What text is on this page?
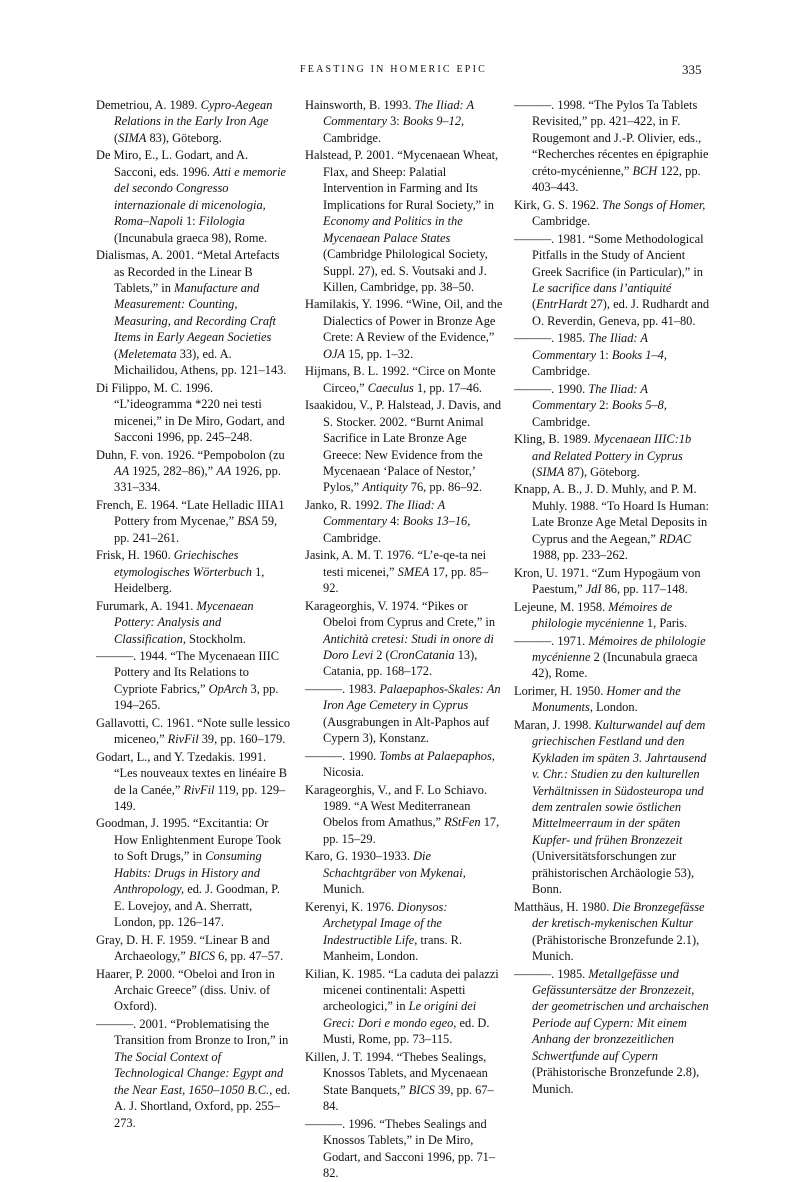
FEASTING IN HOMERIC EPIC	335
Demetriou, A. 1989. Cypro-Aegean Relations in the Early Iron Age (SIMA 83), Göteborg.
De Miro, E., L. Godart, and A. Sacconi, eds. 1996. Atti e memorie del secondo Congresso internazionale di micenologia, Roma–Napoli 1: Filologia (Incunabula graeca 98), Rome.
Dialismas, A. 2001. “Metal Artefacts as Recorded in the Linear B Tablets,” in Manufacture and Measurement: Counting, Measuring, and Recording Craft Items in Early Aegean Societies (Meletemata 33), ed. A. Michailidou, Athens, pp. 121–143.
Di Filippo, M. C. 1996. “L’ideogramma *220 nei testi micenei,” in De Miro, Godart, and Sacconi 1996, pp. 245–248.
Duhn, F. von. 1926. “Pempobolon (zu AA 1925, 282–86),” AA 1926, pp. 331–334.
French, E. 1964. “Late Helladic IIIA1 Pottery from Mycenae,” BSA 59, pp. 241–261.
Frisk, H. 1960. Griechisches etymologisches Wörterbuch 1, Heidelberg.
Furumark, A. 1941. Mycenaean Pottery: Analysis and Classification, Stockholm.
———. 1944. “The Mycenaean IIIC Pottery and Its Relations to Cypriote Fabrics,” OpArch 3, pp. 194–265.
Gallavotti, C. 1961. “Note sulle lessico miceneo,” RivFil 39, pp. 160–179.
Godart, L., and Y. Tzedakis. 1991. “Les nouveaux textes en linéaire B de la Canée,” RivFil 119, pp. 129–149.
Goodman, J. 1995. “Excitantia: Or How Enlightenment Europe Took to Soft Drugs,” in Consuming Habits: Drugs in History and Anthropology, ed. J. Goodman, P. E. Lovejoy, and A. Sherratt, London, pp. 126–147.
Gray, D. H. F. 1959. “Linear B and Archaeology,” BICS 6, pp. 47–57.
Haarer, P. 2000. “Obeloi and Iron in Archaic Greece” (diss. Univ. of Oxford).
———. 2001. “Problematising the Transition from Bronze to Iron,” in The Social Context of Technological Change: Egypt and the Near East, 1650–1050 B.C., ed. A. J. Shortland, Oxford, pp. 255–273.
Hainsworth, B. 1993. The Iliad: A Commentary 3: Books 9–12, Cambridge.
Halstead, P. 2001. “Mycenaean Wheat, Flax, and Sheep: Palatial Intervention in Farming and Its Implications for Rural Society,” in Economy and Politics in the Mycenaean Palace States (Cambridge Philological Society, Suppl. 27), ed. S. Voutsaki and J. Killen, Cambridge, pp. 38–50.
Hamilakis, Y. 1996. “Wine, Oil, and the Dialectics of Power in Bronze Age Crete: A Review of the Evidence,” OJA 15, pp. 1–32.
Hijmans, B. L. 1992. “Circe on Monte Circeo,” Caeculus 1, pp. 17–46.
Isaakidou, V., P. Halstead, J. Davis, and S. Stocker. 2002. “Burnt Animal Sacrifice in Late Bronze Age Greece: New Evidence from the Mycenaean ‘Palace of Nestor,’ Pylos,” Antiquity 76, pp. 86–92.
Janko, R. 1992. The Iliad: A Commentary 4: Books 13–16, Cambridge.
Jasink, A. M. T. 1976. “L’e-qe-ta nei testi micenei,” SMEA 17, pp. 85–92.
Karageorghis, V. 1974. “Pikes or Obeloi from Cyprus and Crete,” in Antichità cretesi: Studi in onore di Doro Levi 2 (CronCatania 13), Catania, pp. 168–172.
———. 1983. Palaepaphos-Skales: An Iron Age Cemetery in Cyprus (Ausgrabungen in Alt-Paphos auf Cypern 3), Konstanz.
———. 1990. Tombs at Palaepaphos, Nicosia.
Karageorghis, V., and F. Lo Schiavo. 1989. “A West Mediterranean Obelos from Amathus,” RStFen 17, pp. 15–29.
Karo, G. 1930–1933. Die Schachtgräber von Mykenai, Munich.
Kerenyi, K. 1976. Dionysos: Archetypal Image of the Indestructible Life, trans. R. Manheim, London.
Kilian, K. 1985. “La caduta dei palazzi micenei continentali: Aspetti archeologici,” in Le origini dei Greci: Dori e mondo egeo, ed. D. Musti, Rome, pp. 73–115.
Killen, J. T. 1994. “Thebes Sealings, Knossos Tablets, and Mycenaean State Banquets,” BICS 39, pp. 67–84.
———. 1996. “Thebes Sealings and Knossos Tablets,” in De Miro, Godart, and Sacconi 1996, pp. 71–82.
———. 1998. “The Pylos Ta Tablets Revisited,” pp. 421–422, in F. Rougemont and J.-P. Olivier, eds., “Recherches récentes en épigraphie créto-mycénienne,” BCH 122, pp. 403–443.
Kirk, G. S. 1962. The Songs of Homer, Cambridge.
———. 1981. “Some Methodological Pitfalls in the Study of Ancient Greek Sacrifice (in Particular),” in Le sacrifice dans l’antiquité (EntrHardt 27), ed. J. Rudhardt and O. Reverdin, Geneva, pp. 41–80.
———. 1985. The Iliad: A Commentary 1: Books 1–4, Cambridge.
———. 1990. The Iliad: A Commentary 2: Books 5–8, Cambridge.
Kling, B. 1989. Mycenaean IIIC:1b and Related Pottery in Cyprus (SIMA 87), Göteborg.
Knapp, A. B., J. D. Muhly, and P. M. Muhly. 1988. “To Hoard Is Human: Late Bronze Age Metal Deposits in Cyprus and the Aegean,” RDAC 1988, pp. 233–262.
Kron, U. 1971. “Zum Hypogäum von Paestum,” JdI 86, pp. 117–148.
Lejeune, M. 1958. Mémoires de philologie mycénienne 1, Paris.
———. 1971. Mémoires de philologie mycénienne 2 (Incunabula graeca 42), Rome.
Lorimer, H. 1950. Homer and the Monuments, London.
Maran, J. 1998. Kulturwandel auf dem griechischen Festland und den Kykladen im späten 3. Jahrtausend v. Chr.: Studien zu den kulturellen Verhältnissen in Südosteuropa und dem zentralen sowie östlichen Mittelmeerraum in der späten Kupfer- und frühen Bronzezeit (Universitätsforschungen zur prähistorischen Archäologie 53), Bonn.
Matthäus, H. 1980. Die Bronzegefässe der kretisch-mykenischen Kultur (Prähistorische Bronzefunde 2.1), Munich.
———. 1985. Metallgefässe und Gefässuntersätze der Bronzezeit, der geometrischen und archaischen Periode auf Cypern: Mit einem Anhang der bronzezeitlichen Schwertfunde auf Cypern (Prähistorische Bronzefunde 2.8), Munich.
